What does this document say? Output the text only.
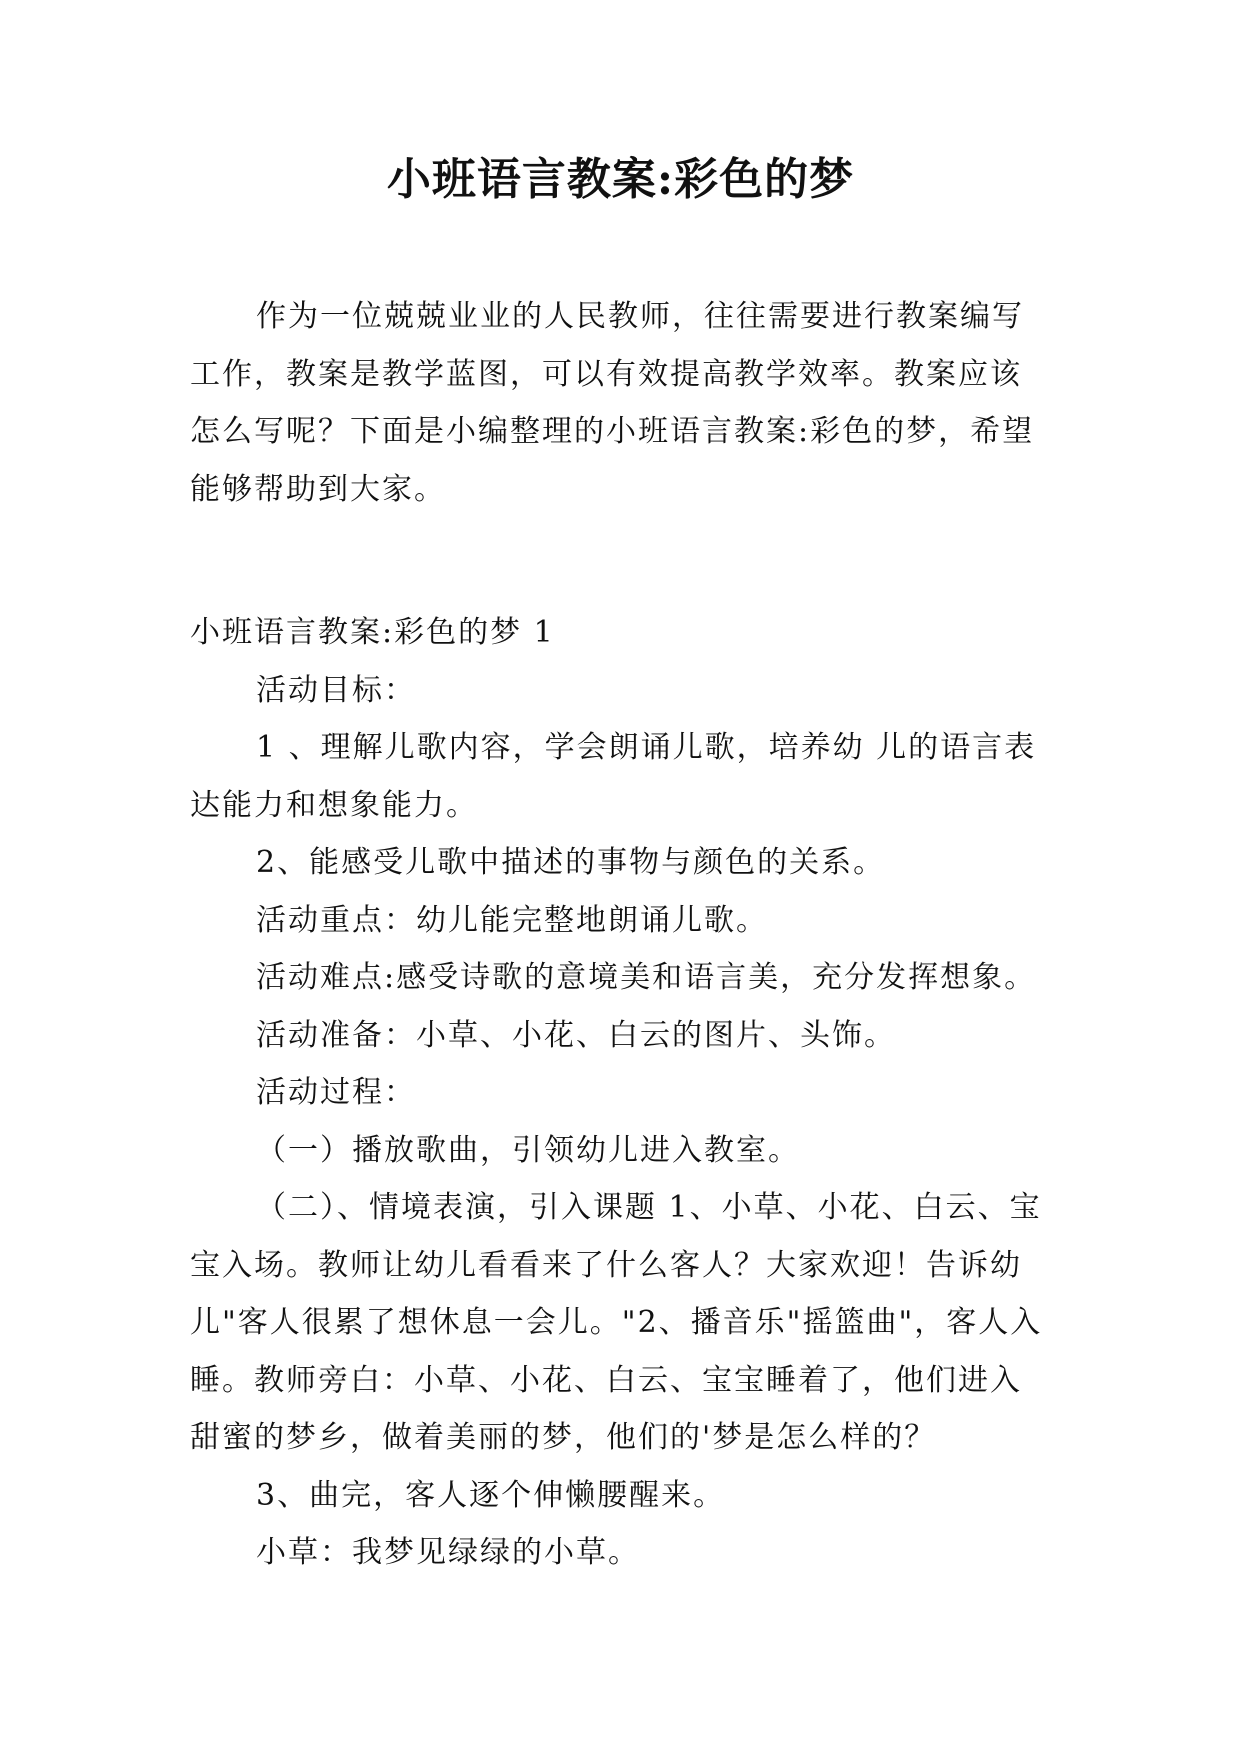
小班语言教案:彩色的梦

作为一位兢兢业业的人民教师，往往需要进行教案编写工作，教案是教学蓝图，可以有效提高教学效率。教案应该怎么写呢？下面是小编整理的小班语言教案:彩色的梦，希望能够帮助到大家。

小班语言教案:彩色的梦 1

活动目标：

1 、理解儿歌内容，学会朗诵儿歌，培养幼 儿的语言表达能力和想象能力。

2、能感受儿歌中描述的事物与颜色的关系。

活动重点：幼儿能完整地朗诵儿歌。

活动难点:感受诗歌的意境美和语言美，充分发挥想象。

活动准备：小草、小花、白云的图片、头饰。

活动过程：

（一）播放歌曲，引领幼儿进入教室。

（二）、情境表演，引入课题 1、小草、小花、白云、宝宝入场。教师让幼儿看看来了什么客人？大家欢迎！告诉幼儿"客人很累了想休息一会儿。"2、播音乐"摇篮曲"，客人入睡。教师旁白：小草、小花、白云、宝宝睡着了，他们进入甜蜜的梦乡，做着美丽的梦，他们的'梦是怎么样的？

3、曲完，客人逐个伸懒腰醒来。

小草：我梦见绿绿的小草。
